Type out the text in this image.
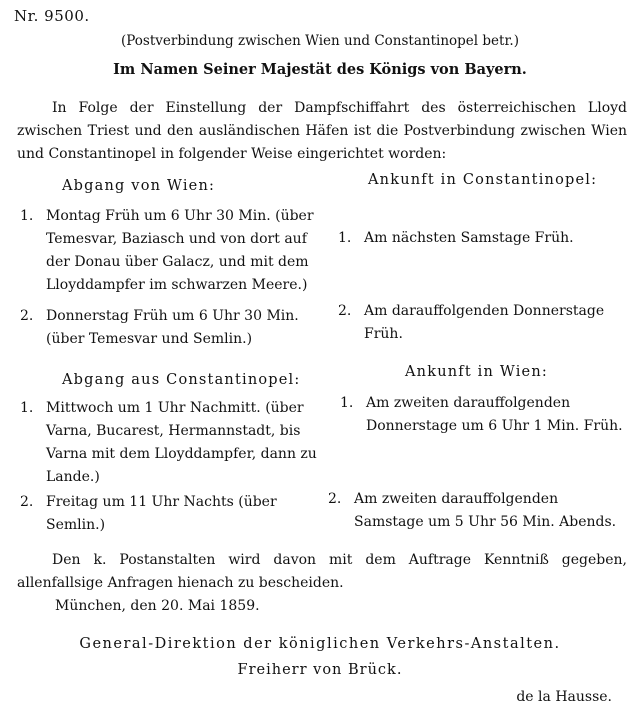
Nr. 9500.
(Postverbindung zwischen Wien und Constantinopel betr.)
Im Namen Seiner Majestät des Königs von Bayern.
In Folge der Einstellung der Dampfschiffahrt des österreichischen Lloyd zwischen Triest und den ausländischen Häfen ist die Postverbindung zwischen Wien und Constantinopel in folgender Weise eingerichtet worden:
Abgang von Wien:
1. Montag Früh um 6 Uhr 30 Min. (über Temesvar, Baziasch und von dort auf der Donau über Galacz, und mit dem Lloyddampfer im schwarzen Meere.)
2. Donnerstag Früh um 6 Uhr 30 Min. (über Temesvar und Semlin.)
Ankunft in Constantinopel:
1. Am nächsten Samstage Früh.
2. Am darauffolgenden Donnerstage Früh.
Abgang aus Constantinopel:
1. Mittwoch um 1 Uhr Nachmitt. (über Varna, Bucarest, Hermannstadt, bis Varna mit dem Lloyddampfer, dann zu Lande.)
2. Freitag um 11 Uhr Nachts (über Semlin.)
Ankunft in Wien:
1. Am zweiten darauffolgenden Donnerstage um 6 Uhr 1 Min. Früh.
2. Am zweiten darauffolgenden Samstage um 5 Uhr 56 Min. Abends.
Den k. Postanstalten wird davon mit dem Auftrage Kenntniß gegeben, allenfallsige Anfragen hienach zu bescheiden.
München, den 20. Mai 1859.
General-Direktion der königlichen Verkehrs-Anstalten.
Freiherr von Brück.
de la Hausse.
